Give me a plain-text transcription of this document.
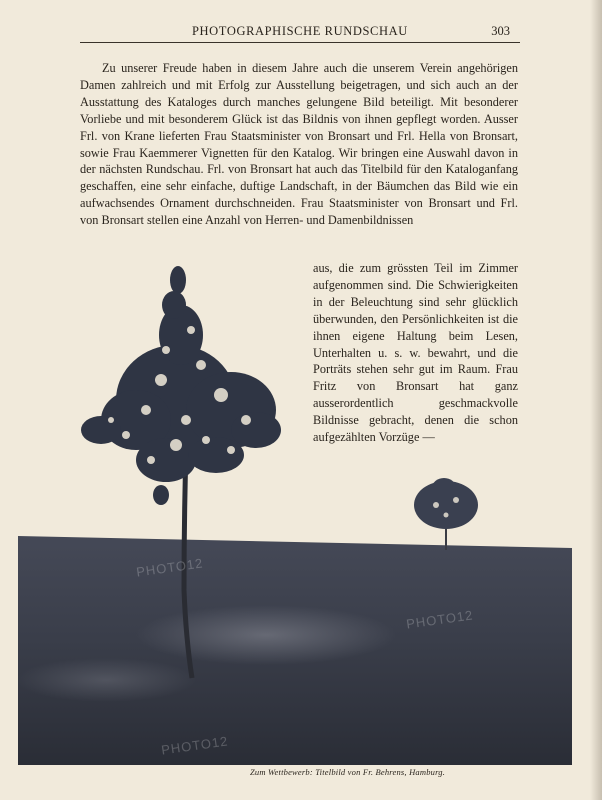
PHOTOGRAPHISCHE RUNDSCHAU	303
PHOTO12
PHOTO12
PHOTO12

Zu unserer Freude haben in diesem Jahre auch die unserem Verein angehörigen Damen zahlreich und mit Erfolg zur Ausstellung beigetragen, und sich auch an der Ausstattung des Kataloges durch manches gelungene Bild beteiligt. Mit besonderer Vorliebe und mit besonderem Glück ist das Bildnis von ihnen gepflegt worden. Ausser Frl. von Krane lieferten Frau Staatsminister von Bronsart und Frl. Hella von Bronsart, sowie Frau Kaemmerer Vignetten für den Katalog. Wir bringen eine Auswahl davon in der nächsten Rundschau. Frl. von Bronsart hat auch das Titelbild für den Kataloganfang geschaffen, eine sehr einfache, duftige Landschaft, in der Bäumchen das Bild wie ein aufwachsendes Ornament durchschneiden. Frau Staatsminister von Bronsart und Frl. von Bronsart stellen eine Anzahl von Herren- und Damenbildnissen

aus, die zum grössten Teil im Zimmer aufgenommen sind. Die Schwierigkeiten in der Beleuchtung sind sehr glücklich überwunden, den Persönlichkeiten ist die ihnen eigene Haltung beim Lesen, Unterhalten u. s. w. bewahrt, und die Porträts stehen sehr gut im Raum. Frau Fritz von Bronsart hat ganz ausserordentlich geschmackvolle Bildnisse gebracht, denen die schon aufgezählten Vorzüge —

Zum Wettbewerb: Titelbild von Fr. Behrens, Hamburg.
